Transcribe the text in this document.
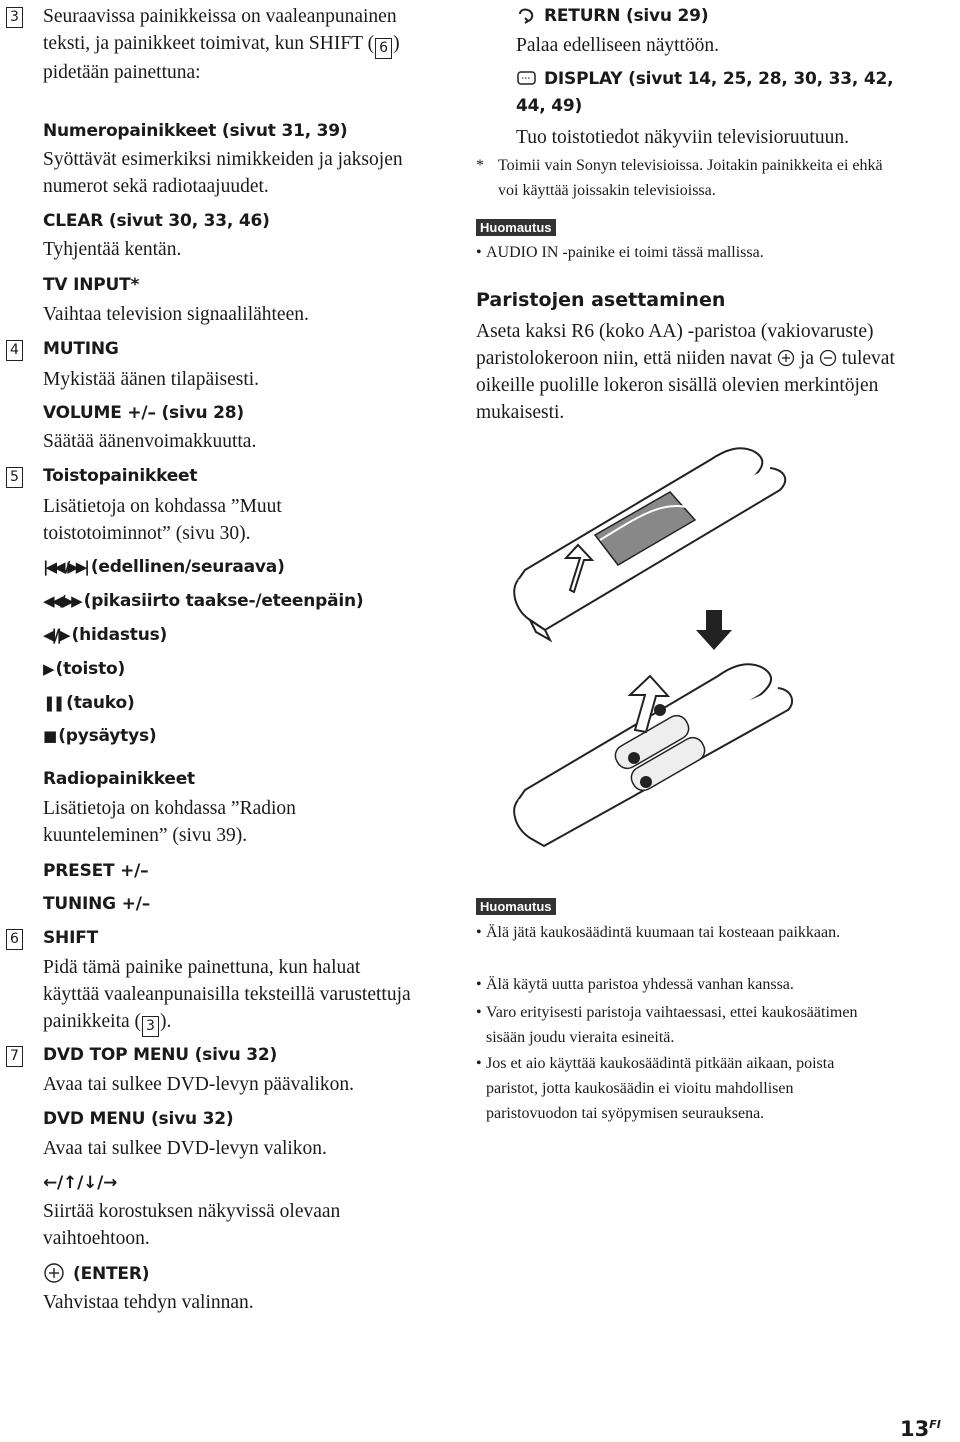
3 Seuraavissa painikkeissa on vaaleanpunainen teksti, ja painikkeet toimivat, kun SHIFT ( 6 ) pidetään painettuna:
Numeropainikkeet (sivut 31, 39)
Syöttävät esimerkiksi nimikkeiden ja jaksojen numerot sekä radiotaajuudet.
CLEAR (sivut 30, 33, 46)
Tyhjentää kentän.
TV INPUT*
Vaihtaa television signaalilähteen.
4 MUTING
Mykistää äänen tilapäisesti.
VOLUME +/– (sivu 28)
Säätää äänenvoimakkuutta.
5 Toistopainikkeet
Lisätietoja on kohdassa ”Muut toistotoiminnot” (sivu 30).
|◀◀ /▶▶| (edellinen/seuraava)
◀◀/▶▶ (pikasiirto taakse-/eteenpäin)
◀|/|▶ (hidastus)
▶ (toisto)
❚❚ (tauko)
■ (pysäytys)
Radiopainikkeet
Lisätietoja on kohdassa ”Radion kuunteleminen” (sivu 39).
PRESET +/–
TUNING +/–
6 SHIFT
Pidä tämä painike painettuna, kun haluat käyttää vaaleanpunaisilla teksteillä varustettuja painikkeita ( 3 ).
7 DVD TOP MENU (sivu 32)
Avaa tai sulkee DVD-levyn päävalikon.
DVD MENU (sivu 32)
Avaa tai sulkee DVD-levyn valikon.
←/↑/↓/→
Siirtää korostuksen näkyvissä olevaan vaihtoehtoon.
(ENTER)
Vahvistaa tehdyn valinnan.
RETURN (sivu 29)
Palaa edelliseen näyttöön.
DISPLAY (sivut 14, 25, 28, 30, 33, 42, 44, 49)
Tuo toistotiedot näkyviin televisioruutuun.
* Toimii vain Sonyn televisioissa. Joitakin painikkeita ei ehkä voi käyttää joissakin televisioissa.
Huomautus
• AUDIO IN -painike ei toimi tässä mallissa.
Paristojen asettaminen
Aseta kaksi R6 (koko AA) -paristoa (vakiovaruste) paristolokeroon niin, että niiden navat ja tulevat oikeille puolille lokeron sisällä olevien merkintöjen mukaisesti.
Huomautus
• Älä jätä kaukosäädintä kuumaan tai kosteaan paikkaan.
• Älä käytä uutta paristoa yhdessä vanhan kanssa.
• Varo erityisesti paristoja vaihtaessasi, ettei kaukosäätimen sisään joudu vieraita esineitä.
• Jos et aio käyttää kaukosäädintä pitkään aikaan, poista paristot, jotta kaukosäädin ei vioitu mahdollisen paristovuodon tai syöpymisen seurauksena.
$13^{FI}$
